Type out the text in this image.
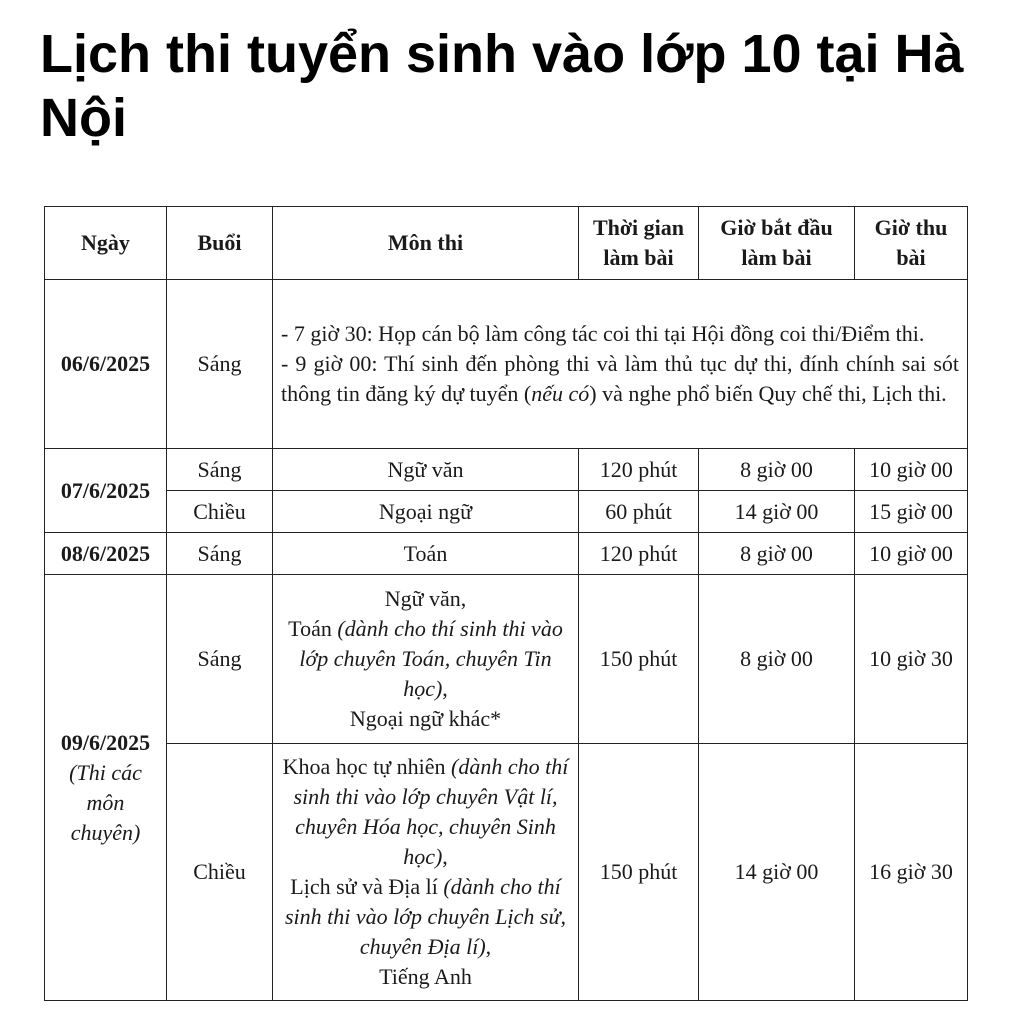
Lịch thi tuyển sinh vào lớp 10 tại Hà Nội
Ngày	Buổi	Môn thi	Thời gian làm bài	Giờ bắt đầu làm bài	Giờ thu bài
06/6/2025	Sáng	- 7 giờ 30: Họp cán bộ làm công tác coi thi tại Hội đồng coi thi/Điểm thi.
- 9 giờ 00: Thí sinh đến phòng thi và làm thủ tục dự thi, đính chính sai sót thông tin đăng ký dự tuyển (nếu có) và nghe phổ biến Quy chế thi, Lịch thi.			

07/6/2025	Sáng	Ngữ văn	120 phút	8 giờ 00	10 giờ 00
	Chiều	Ngoại ngữ	60 phút	14 giờ 00	15 giờ 00
08/6/2025	Sáng	Toán	120 phút	8 giờ 00	10 giờ 00
09/6/2025
(Thi các môn chuyên)	Sáng	Ngữ văn,
Toán (dành cho thí sinh thi vào lớp chuyên Toán, chuyên Tin học),
Ngoại ngữ khác*	150 phút	8 giờ 00	10 giờ 30
	Chiều	Khoa học tự nhiên (dành cho thí sinh thi vào lớp chuyên Vật lí, chuyên Hóa học, chuyên Sinh học),
Lịch sử và Địa lí (dành cho thí sinh thi vào lớp chuyên Lịch sử, chuyên Địa lí),
Tiếng Anh	150 phút	14 giờ 00	16 giờ 30
